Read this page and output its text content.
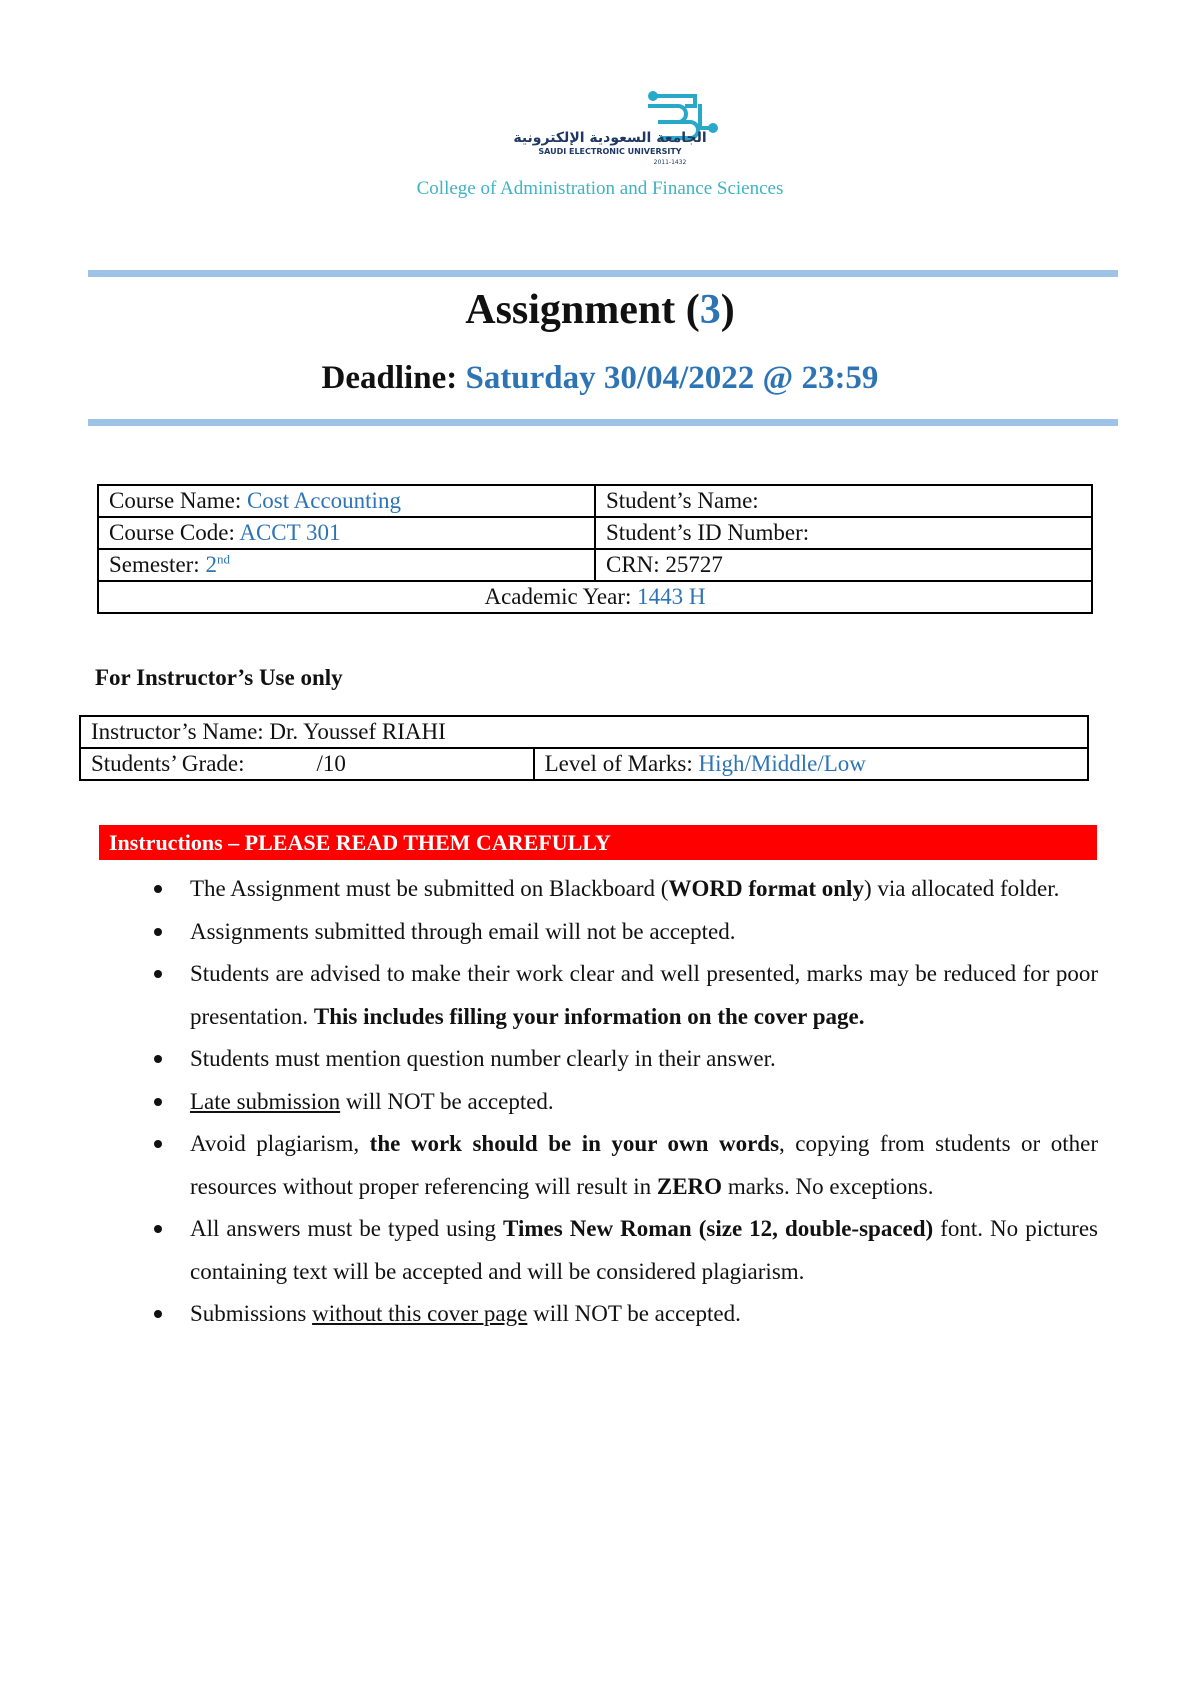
الجامعة السعودية الإلكترونية
SAUDI ELECTRONIC UNIVERSITY
2011-1432
College of Administration and Finance Sciences
Assignment (3)
Deadline: Saturday 30/04/2022 @ 23:59
Course Name: Cost Accounting	Student’s Name:
Course Code: ACCT 301	Student’s ID Number:
Semester: 2nd	CRN: 25727
Academic Year: 1443 H	
For Instructor’s Use only
Instructor’s Name: Dr. Youssef RIAHI
Students’ Grade:	/10	Level of Marks: High/Middle/Low
Instructions – PLEASE READ THEM CAREFULLY
The Assignment must be submitted on Blackboard (WORD format only) via allocated folder.
Assignments submitted through email will not be accepted.
Students are advised to make their work clear and well presented, marks may be reduced for poor presentation. This includes filling your information on the cover page.
Students must mention question number clearly in their answer.
Late submission will NOT be accepted.
Avoid plagiarism, the work should be in your own words, copying from students or other resources without proper referencing will result in ZERO marks. No exceptions.
All answers must be typed using Times New Roman (size 12, double-spaced) font. No pictures containing text will be accepted and will be considered plagiarism.
Submissions without this cover page will NOT be accepted.
